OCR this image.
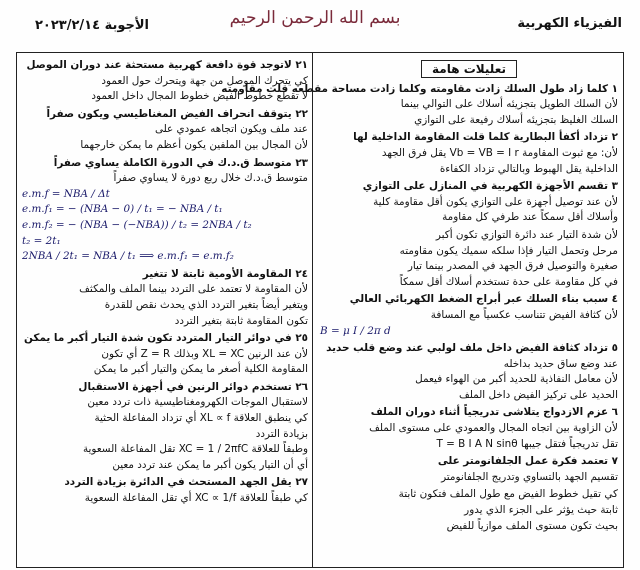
الفيزياء الكهربية
بسم الله الرحمن الرحيم
الأجوبة ٢٠٢٣/٢/١٤
تعليلات هامة
١ كلما زاد طول السلك زادت مقاومته وكلما زادت مساحة مقطعه قلت مقاومته
لأن السلك الطويل بتجزيئه أسلاك على التوالي بينما
السلك الغليظ بتجزيئه أسلاك رفيعة على التوازي
٢ تزداد أكفأ البطارية كلما قلت المقاومة الداخلية لها
لأن: مع ثبوت المقاومة Vb = VB = I r يقل فرق الجهد
الداخلية يقل الهبوط وبالتالي تزداد الكفاءة
٣ تقسم الأجهزة الكهربية في المنازل على التوازي
لأن عند توصيل أجهزة على التوازي يكون أقل مقاومة كلية
وأسلاك أقل سمكاً عند طرفي كل مقاومة
لأن شدة التيار عند دائرة التوازي تكون أكبر
مرحل وتحمل التيار فإذا سلكه سميك يكون مقاومته
صغيرة والتوصيل فرق الجهد في المصدر بينما تيار
في كل مقاومة على حدة تستخدم أسلاك أقل سمكاً
٤ سبب بناء السلك عبر أبراج الضغط الكهربائي العالي
لأن كثافة الفيض تتناسب عكسياً مع المسافة
B = μ I / 2π d
٥ تزداد كثافة الفيض داخل ملف لولبي عند وضع قلب حديد
عند وضع ساق حديد بداخله
لأن معامل النفاذية للحديد أكبر من الهواء فيعمل
الحديد على تركيز الفيض داخل الملف
٦ عزم الازدواج يتلاشى تدريجياً أثناء دوران الملف
لأن الزاوية بين اتجاه المجال والعمودي على مستوى الملف
تقل تدريجياً فتقل جيبها T = B I A N sinθ
٧ تعتمد فكرة عمل الجلفانومتر على
تقسيم الجهد بالتساوي وتدريج الجلفانومتر
كي تقيل خطوط الفيض مع طول الملف فتكون ثابتة
ثابتة حيث يؤثر على الجزء الذي يدور
بحيث تكون مستوى الملف موازياً للفيض
٢١ لاتوجد قوة دافعة كهربية مستحثة عند دوران الموصل
كي يتحرك الموصل من جهة ويتحرك حول العمود
لا تقطع خطوط الفيض خطوط المجال داخل العمود
٢٢ يتوقف انحراف الفيض المغناطيسي ويكون صفراً
عند ملف ويكون اتجاهه عمودي على
لأن المجال بين الملفين يكون أعظم ما يمكن خارجهما
٢٣ متوسط ق.د.ك في الدورة الكاملة يساوي صفراً
متوسط ق.د.ك خلال ربع دورة لا يساوي صفراً
e.m.f = NBA / Δt
e.m.f₁ = − (NBA − 0) / t₁ = − NBA / t₁
e.m.f₂ = − (NBA − (−NBA)) / t₂ = 2NBA / t₂
t₂ = 2t₁
2NBA / 2t₁ = NBA / t₁ ⟹ e.m.f₁ = e.m.f₂
٢٤ المقاومة الأومية ثابتة لا تتغير
لأن المقاومة لا تعتمد على التردد بينما الملف والمكثف
ويتغير أيضاً بتغير التردد الذي يحدث نقص للقدرة
تكون المقاومة ثابتة بتغير التردد
٢٥ في دوائر التيار المتردد تكون شدة التيار أكبر ما يمكن
لأن عند الرنين XL = XC وبذلك Z = R أي تكون
المقاومة الكلية أصغر ما يمكن والتيار أكبر ما يمكن
٢٦ تستخدم دوائر الرنين في أجهزة الاستقبال
لاستقبال الموجات الكهرومغناطيسية ذات تردد معين
كي ينطبق العلاقة XL ∝ f أي تزداد المفاعلة الحثية
بزيادة التردد
وطبقاً للعلاقة XC = 1 / 2πfC تقل المفاعلة السعوية
أي أن التيار يكون أكبر ما يمكن عند تردد معين
٢٧ يقل الجهد المستحث في الدائرة بزيادة التردد
كي طبقاً للعلاقة XC ∝ 1/f أي تقل المفاعلة السعوية
